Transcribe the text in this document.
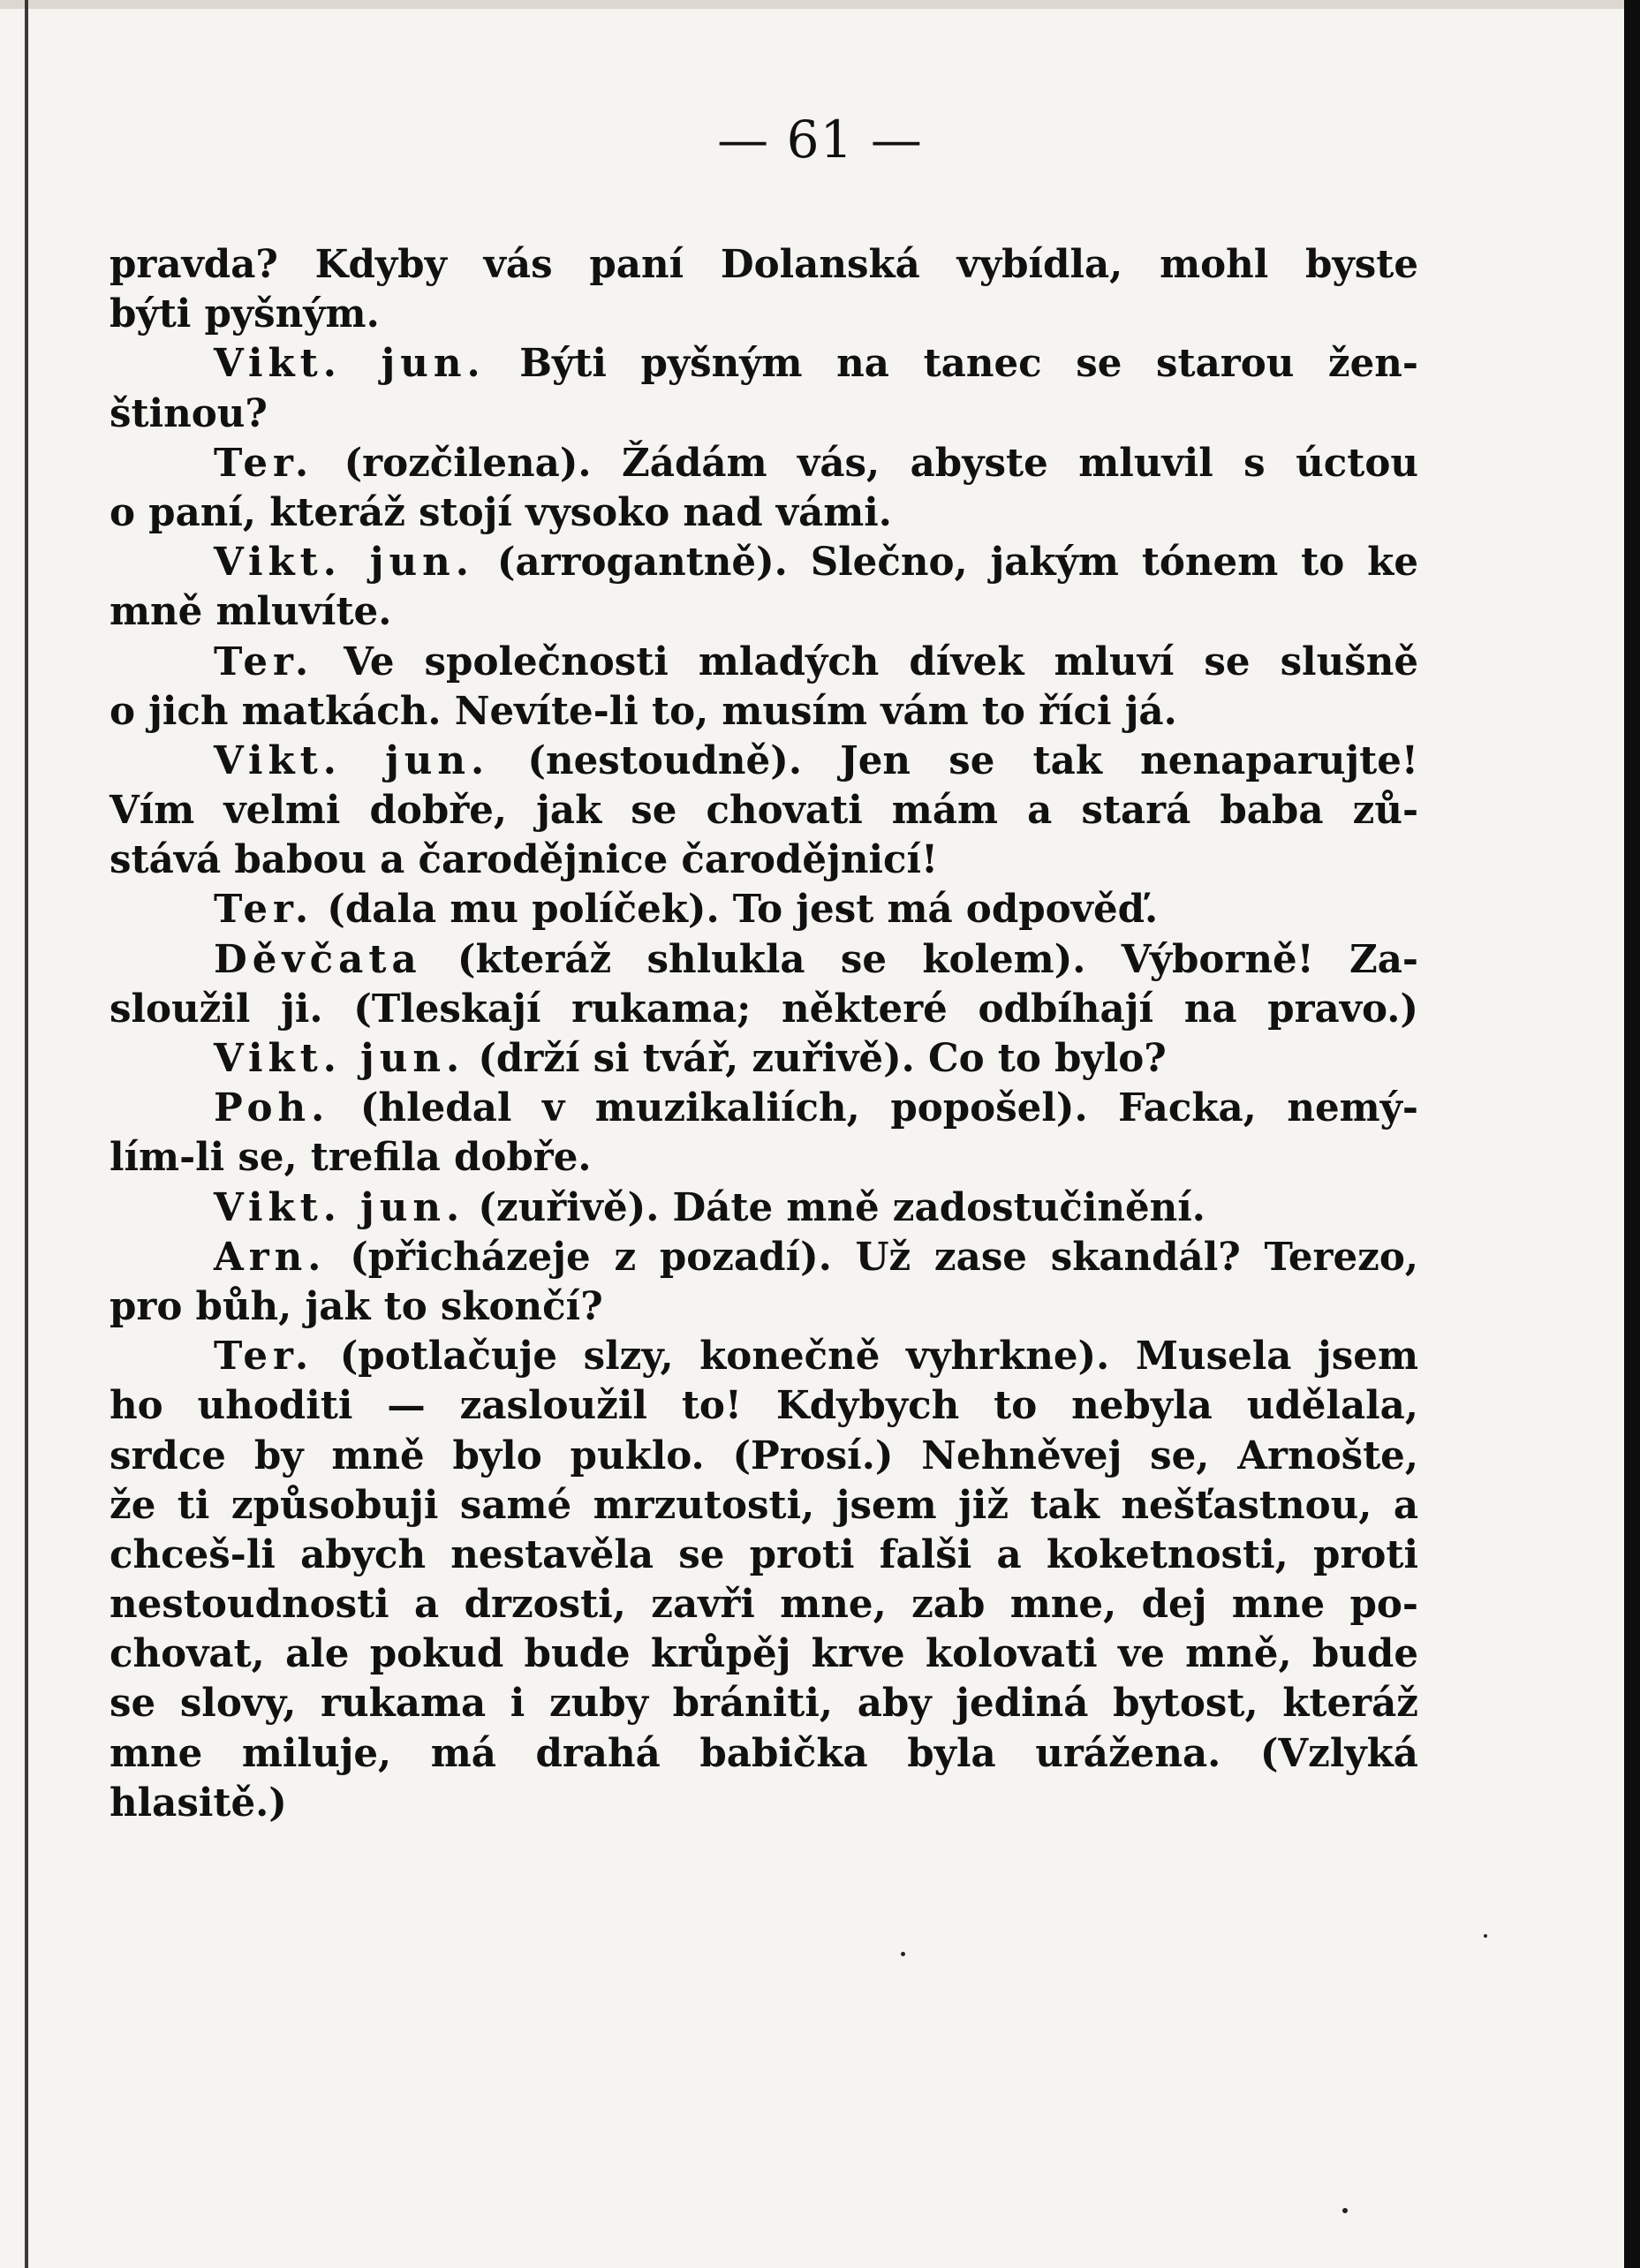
— 61 —
pravda? Kdyby vás paní Dolanská vybídla, mohl byste
býti pyšným.
Vikt. jun. Býti pyšným na tanec se starou žen-
štinou?
Ter. (rozčilena). Žádám vás, abyste mluvil s úctou
o paní, kteráž stojí vysoko nad vámi.
Vikt. jun. (arrogantně). Slečno, jakým tónem to ke
mně mluvíte.
Ter. Ve společnosti mladých dívek mluví se slušně
o jich matkách. Nevíte-li to, musím vám to říci já.
Vikt. jun. (nestoudně). Jen se tak nenaparujte!
Vím velmi dobře, jak se chovati mám a stará baba zů-
stává babou a čarodějnice čarodějnicí!
Ter. (dala mu políček). To jest má odpověď.
Děvčata (kteráž shlukla se kolem). Výborně! Za-
sloužil ji. (Tleskají rukama; některé odbíhají na pravo.)
Vikt. jun. (drží si tvář, zuřivě). Co to bylo?
Poh. (hledal v muzikaliích, popošel). Facka, nemý-
lím-li se, trefila dobře.
Vikt. jun. (zuřivě). Dáte mně zadostučinění.
Arn. (přicházeje z pozadí). Už zase skandál? Terezo,
pro bůh, jak to skončí?
Ter. (potlačuje slzy, konečně vyhrkne). Musela jsem
ho uhoditi — zasloužil to! Kdybych to nebyla udělala,
srdce by mně bylo puklo. (Prosí.) Nehněvej se, Arnošte,
že ti způsobuji samé mrzutosti, jsem již tak nešťastnou, a
chceš-li abych nestavěla se proti falši a koketnosti, proti
nestoudnosti a drzosti, zavři mne, zab mne, dej mne po-
chovat, ale pokud bude krůpěj krve kolovati ve mně, bude
se slovy, rukama i zuby brániti, aby jediná bytost, kteráž
mne miluje, má drahá babička byla urážena. (Vzlyká
hlasitě.)
